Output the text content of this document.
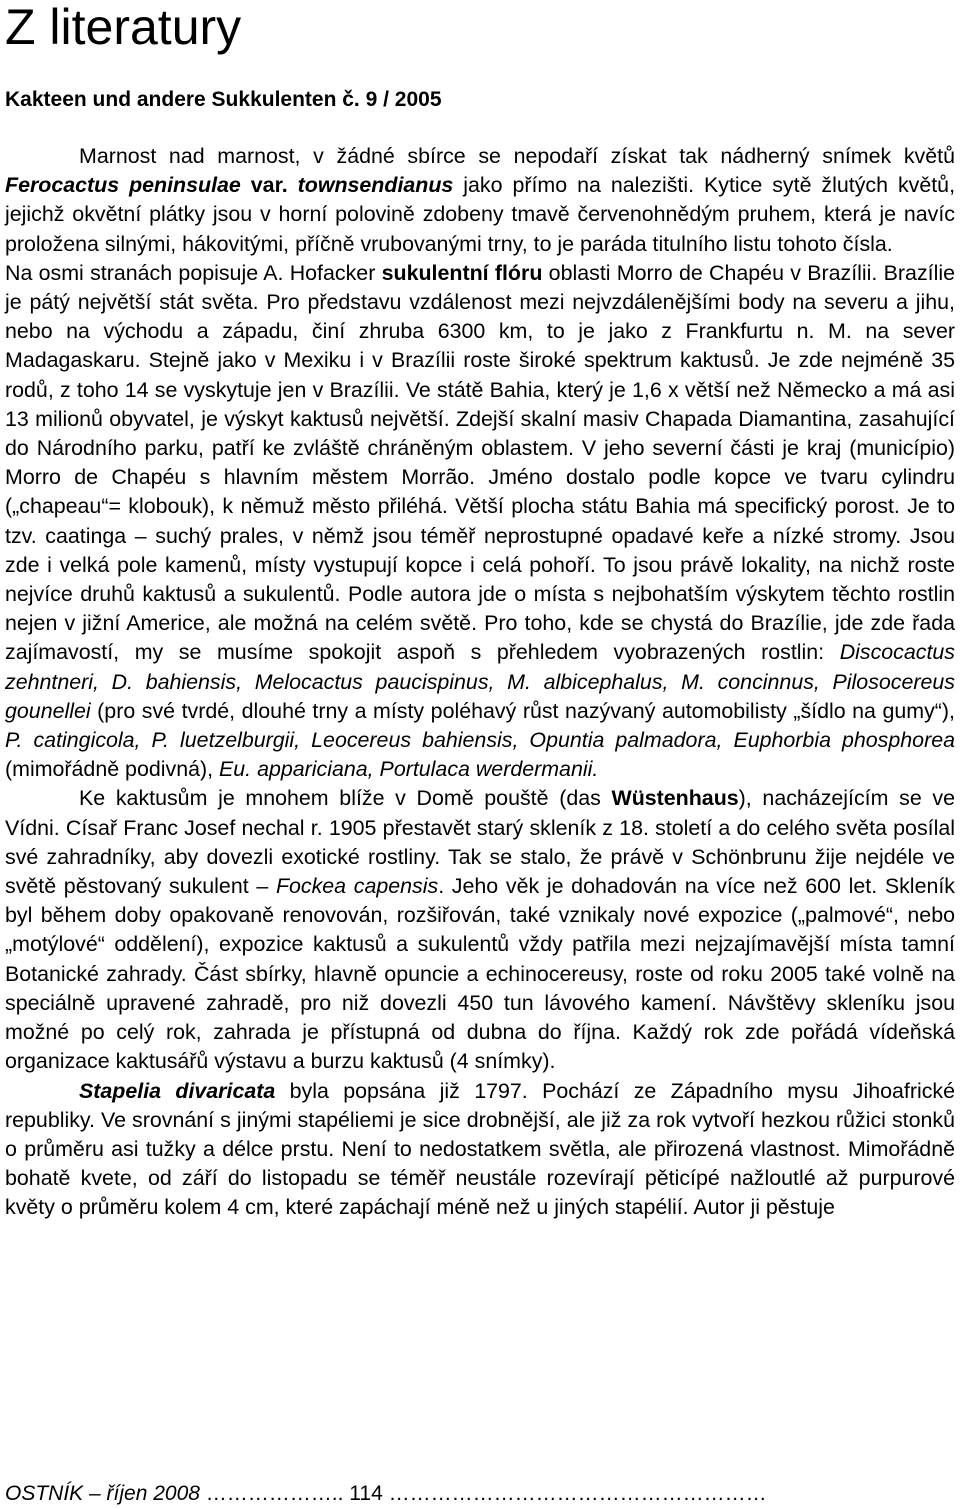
Z literatury
Kakteen und andere Sukkulenten č. 9 / 2005

Marnost nad marnost, v žádné sbírce se nepodaří získat tak nádherný snímek květů Ferocactus peninsulae var. townsendianus jako přímo na nalezišti. Kytice sytě žlutých květů, jejichž okvětní plátky jsou v horní polovině zdobeny tmavě červenohnědým pruhem, která je navíc proložena silnými, hákovitými, příčně vrubovanými trny, to je paráda titulního listu tohoto čísla.

Na osmi stranách popisuje A. Hofacker sukulentní flóru oblasti Morro de Chapéu v Brazílii. Brazílie je pátý největší stát světa. Pro představu vzdálenost mezi nejvzdálenějšími body na severu a jihu, nebo na východu a západu, činí zhruba 6300 km, to je jako z Frankfurtu n. M. na sever Madagaskaru. Stejně jako v Mexiku i v Brazílii roste široké spektrum kaktusů. Je zde nejméně 35 rodů, z toho 14 se vyskytuje jen v Brazílii. Ve státě Bahia, který je 1,6 x větší než Německo a má asi 13 milionů obyvatel, je výskyt kaktusů největší. Zdejší skalní masiv Chapada Diamantina, zasahující do Národního parku, patří ke zvláště chráněným oblastem. V jeho severní části je kraj (município) Morro de Chapéu s hlavním městem Morrão. Jméno dostalo podle kopce ve tvaru cylindru („chapeau“= klobouk), k němuž město přiléhá. Větší plocha státu Bahia má specifický porost. Je to tzv. caatinga – suchý prales, v němž jsou téměř neprostupné opadavé keře a nízké stromy. Jsou zde i velká pole kamenů, místy vystupují kopce i celá pohoří. To jsou právě lokality, na nichž roste nejvíce druhů kaktusů a sukulentů. Podle autora jde o místa s nejbohatším výskytem těchto rostlin nejen v jižní Americe, ale možná na celém světě. Pro toho, kde se chystá do Brazílie, jde zde řada zajímavostí, my se musíme spokojit aspoň s přehledem vyobrazených rostlin: Discocactus zehntneri, D. bahiensis, Melocactus paucispinus, M. albicephalus, M. concinnus, Pilosocereus gounellei (pro své tvrdé, dlouhé trny a místy poléhavý růst nazývaný automobilisty „šídlo na gumy“), P. catingicola, P. luetzelburgii, Leocereus bahiensis, Opuntia palmadora, Euphorbia phosphorea (mimořádně podivná), Eu. appariciana, Portulaca werdermanii.

Ke kaktusům je mnohem blíže v Domě pouště (das Wüstenhaus), nacházejícím se ve Vídni. Císař Franc Josef nechal r. 1905 přestavět starý skleník z 18. století a do celého světa posílal své zahradníky, aby dovezli exotické rostliny. Tak se stalo, že právě v Schönbrunu žije nejdéle ve světě pěstovaný sukulent – Fockea capensis. Jeho věk je dohadován na více než 600 let. Skleník byl během doby opakovaně renovován, rozšiřován, také vznikaly nové expozice („palmové“, nebo „motýlové“ oddělení), expozice kaktusů a sukulentů vždy patřila mezi nejzajímavější místa tamní Botanické zahrady. Část sbírky, hlavně opuncie a echinocereusy, roste od roku 2005 také volně na speciálně upravené zahradě, pro niž dovezli 450 tun lávového kamení. Návštěvy skleníku jsou možné po celý rok, zahrada je přístupná od dubna do října. Každý rok zde pořádá vídeňská organizace kaktusářů výstavu a burzu kaktusů (4 snímky).

Stapelia divaricata byla popsána již 1797. Pochází ze Západního mysu Jihoafrické republiky. Ve srovnání s jinými stapéliemi je sice drobnější, ale již za rok vytvoří hezkou růžici stonků o průměru asi tužky a délce prstu. Není to nedostatkem světla, ale přirozená vlastnost. Mimořádně bohatě kvete, od září do listopadu se téměř neustále rozevírají pěticípé nažloutlé až purpurové květy o průměru kolem 4 cm, které zapáchají méně než u jiných stapélií. Autor ji pěstuje

OSTNÍK – říjen 2008 ……………….. 114 ………………………………………………
